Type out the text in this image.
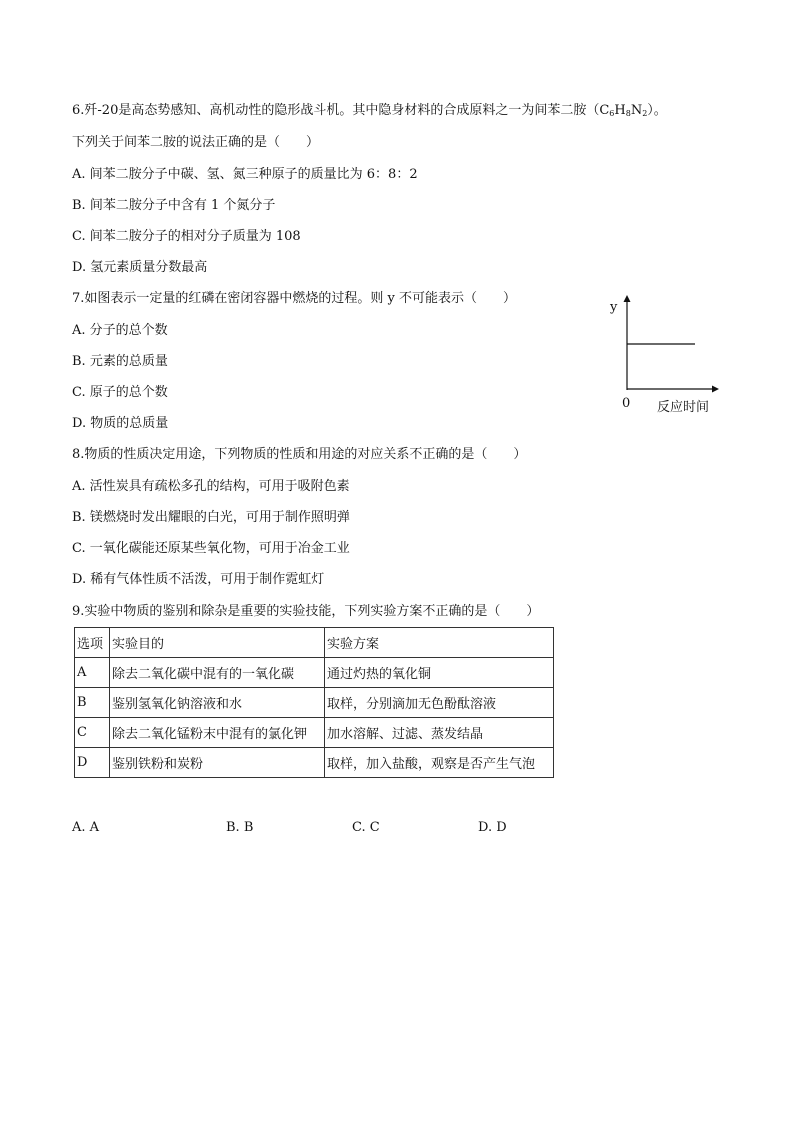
6.歼-20是高态势感知、高机动性的隐形战斗机。其中隐身材料的合成原料之一为间苯二胺$(C_6H_8N_2)$。
下列关于间苯二胺的说法正确的是（　　）
A. 间苯二胺分子中碳、氢、氮三种原子的质量比为 6：8：2
B. 间苯二胺分子中含有 1 个氮分子
C. 间苯二胺分子的相对分子质量为 108
D. 氢元素质量分数最高
7.如图表示一定量的红磷在密闭容器中燃烧的过程。则 y 不可能表示（　　）
A. 分子的总个数
B. 元素的总质量
C. 原子的总个数
D. 物质的总质量
y
0 反应时间
8.物质的性质决定用途，下列物质的性质和用途的对应关系不正确的是（　　）
A. 活性炭具有疏松多孔的结构，可用于吸附色素
B. 镁燃烧时发出耀眼的白光，可用于制作照明弹
C. 一氧化碳能还原某些氧化物，可用于冶金工业
D. 稀有气体性质不活泼，可用于制作霓虹灯
9.实验中物质的鉴别和除杂是重要的实验技能，下列实验方案不正确的是（　　）
选项	实验目的	实验方案
A	除去二氧化碳中混有的一氧化碳	通过灼热的氧化铜
B	鉴别氢氧化钠溶液和水	取样，分别滴加无色酚酞溶液
C	除去二氧化锰粉末中混有的氯化钾	加水溶解、过滤、蒸发结晶
D	鉴别铁粉和炭粉	取样，加入盐酸，观察是否产生气泡
A. A	B. B	C. C	D. D
